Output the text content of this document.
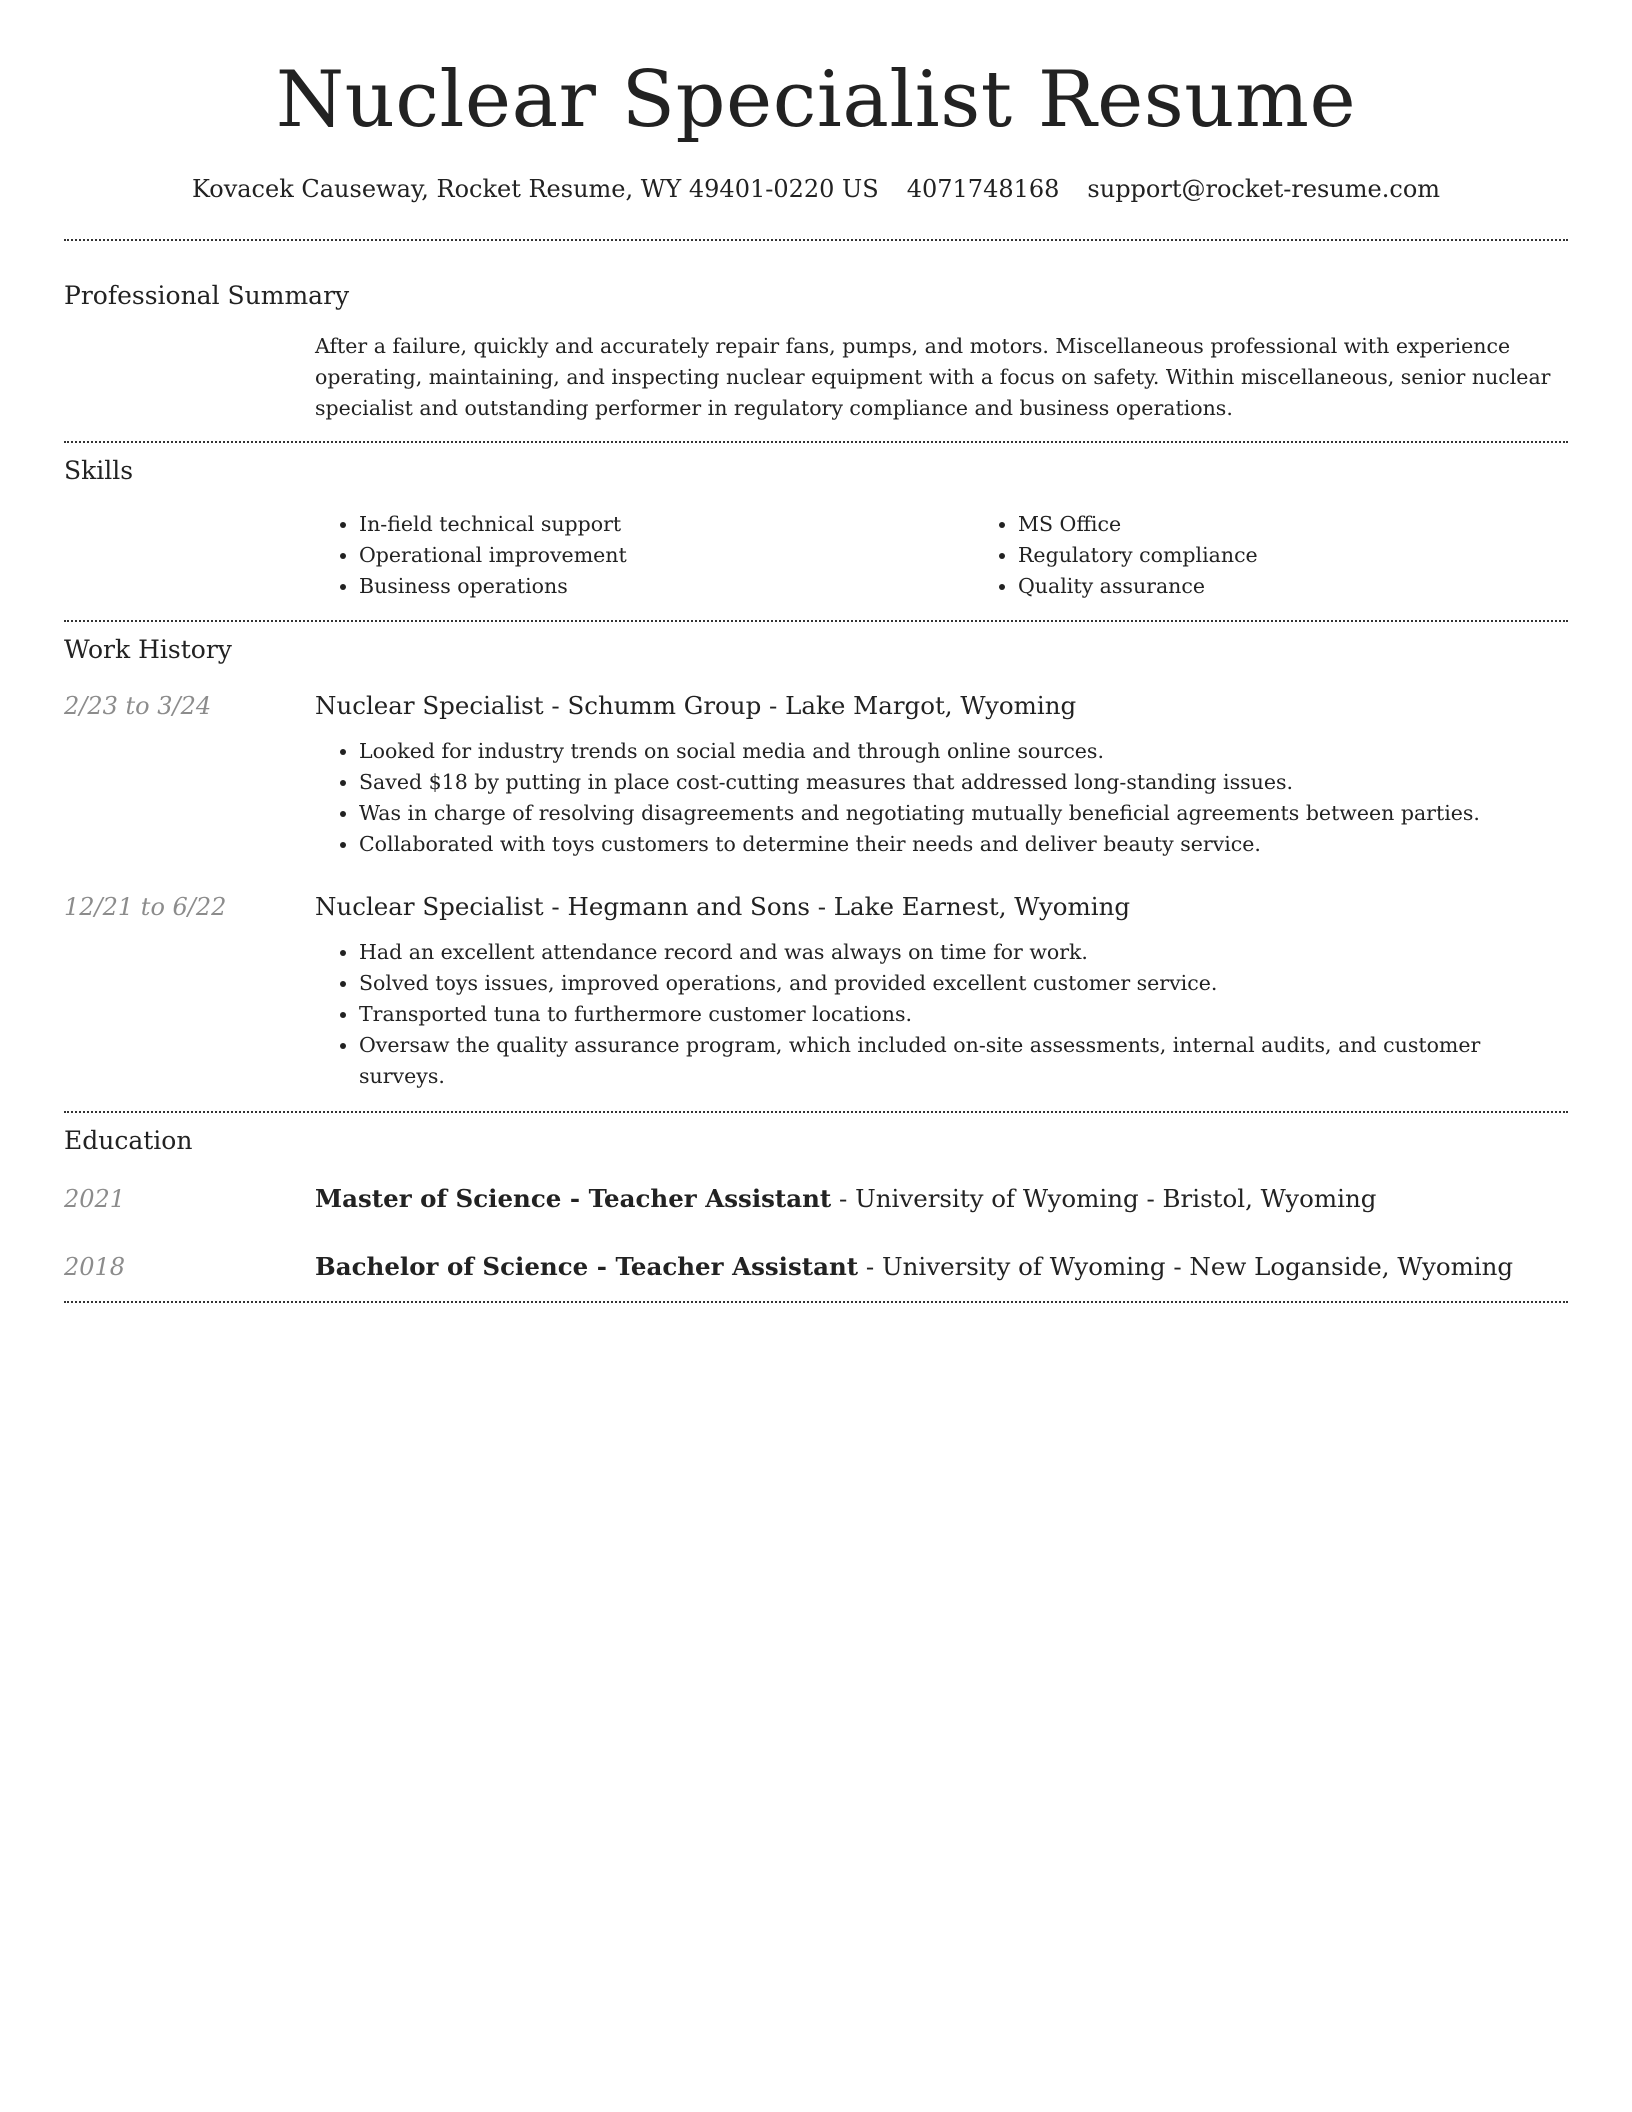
Nuclear Specialist Resume
Kovacek Causeway, Rocket Resume, WY 49401-0220 US 4071748168 support@rocket-resume.com
Professional Summary

After a failure, quickly and accurately repair fans, pumps, and motors. Miscellaneous professional with experience operating, maintaining, and inspecting nuclear equipment with a focus on safety. Within miscellaneous, senior nuclear specialist and outstanding performer in regulatory compliance and business operations.

Skills
• In-field technical support
• Operational improvement
• Business operations
• MS Office
• Regulatory compliance
• Quality assurance
Work History
2/23 to 3/24	Nuclear Specialist - Schumm Group - Lake Margot, Wyoming

• Looked for industry trends on social media and through online sources.
• Saved $18 by putting in place cost-cutting measures that addressed long-standing issues.
• Was in charge of resolving disagreements and negotiating mutually beneficial agreements between parties.
• Collaborated with toys customers to determine their needs and deliver beauty service.
12/21 to 6/22	Nuclear Specialist - Hegmann and Sons - Lake Earnest, Wyoming

• Had an excellent attendance record and was always on time for work.
• Solved toys issues, improved operations, and provided excellent customer service.
• Transported tuna to furthermore customer locations.
• Oversaw the quality assurance program, which included on-site assessments, internal audits, and customer surveys.
Education
2021	Master of Science - Teacher Assistant - University of Wyoming - Bristol, Wyoming
2018	Bachelor of Science - Teacher Assistant - University of Wyoming - New Loganside, Wyoming
